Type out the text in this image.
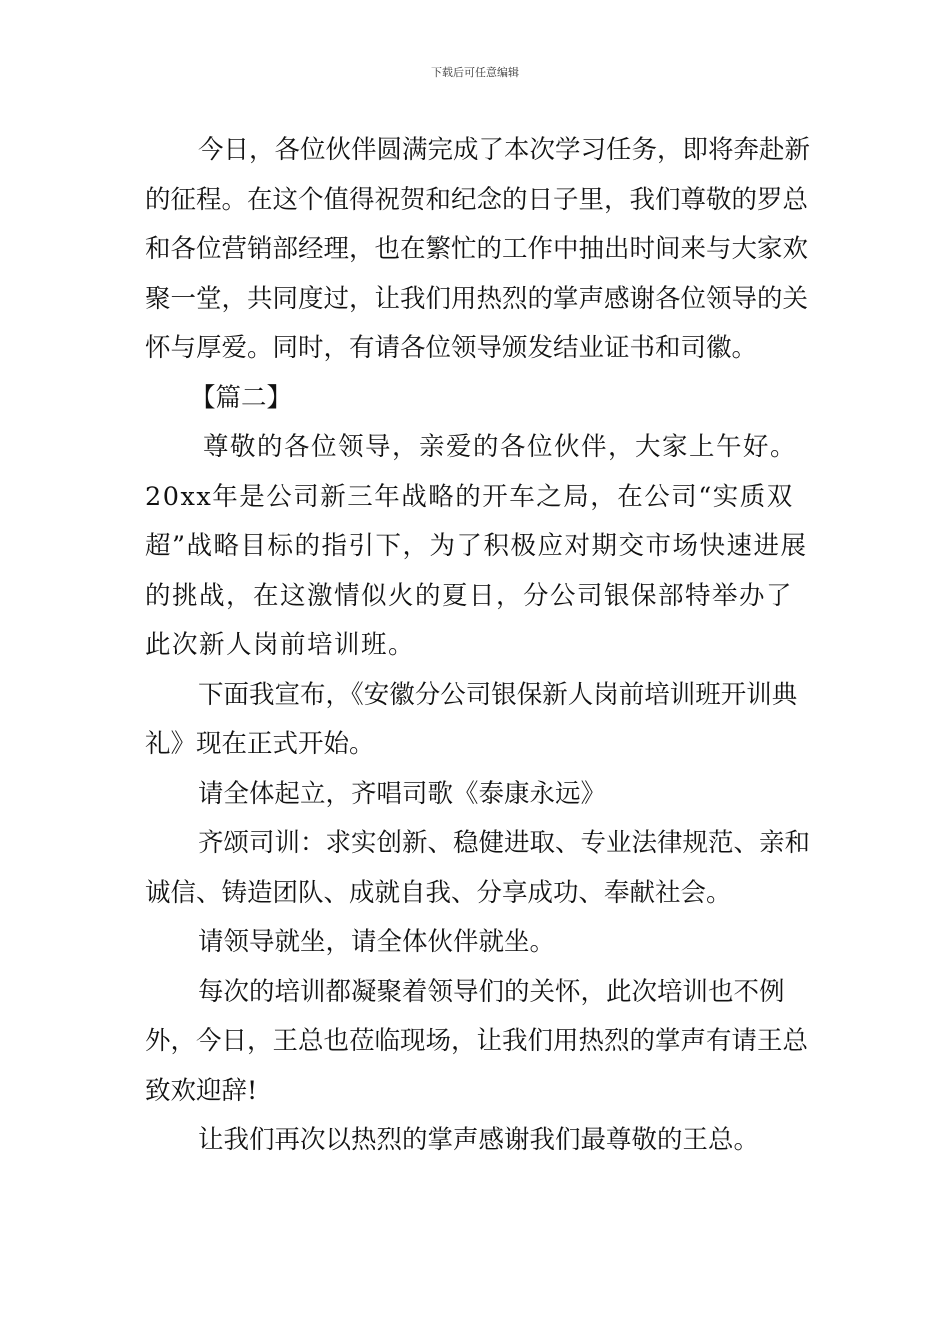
下载后可任意编辑

今日，各位伙伴圆满完成了本次学习任务，即将奔赴新的征程。在这个值得祝贺和纪念的日子里，我们尊敬的罗总和各位营销部经理，也在繁忙的工作中抽出时间来与大家欢聚一堂，共同度过，让我们用热烈的掌声感谢各位领导的关怀与厚爱。同时，有请各位领导颁发结业证书和司徽。

【篇二】

尊敬的各位领导，亲爱的各位伙伴，大家上午好。20xx年是公司新三年战略的开车之局，在公司“实质双超”战略目标的指引下，为了积极应对期交市场快速进展的挑战，在这激情似火的夏日，分公司银保部特举办了此次新人岗前培训班。

下面我宣布，《安徽分公司银保新人岗前培训班开训典礼》现在正式开始。

请全体起立，齐唱司歌《泰康永远》

齐颂司训：求实创新、稳健进取、专业法律规范、亲和诚信、铸造团队、成就自我、分享成功、奉献社会。

请领导就坐，请全体伙伴就坐。

每次的培训都凝聚着领导们的关怀，此次培训也不例外，今日，王总也莅临现场，让我们用热烈的掌声有请王总致欢迎辞!

让我们再次以热烈的掌声感谢我们最尊敬的王总。
